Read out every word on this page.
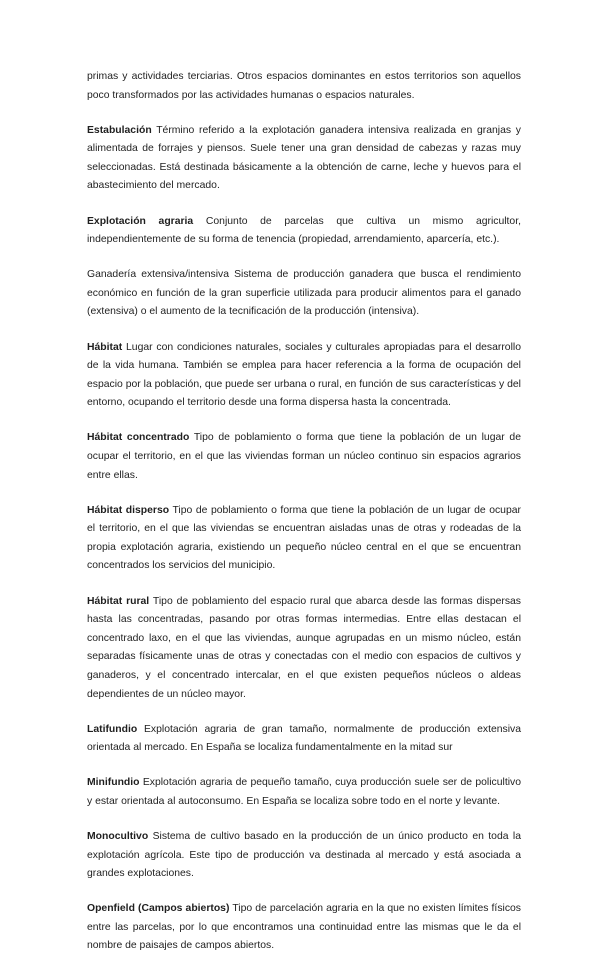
primas y actividades terciarias. Otros espacios dominantes en estos territorios son aquellos poco transformados por las actividades humanas o espacios naturales.

Estabulación Término referido a la explotación ganadera intensiva realizada en granjas y alimentada de forrajes y piensos. Suele tener una gran densidad de cabezas y razas muy seleccionadas. Está destinada básicamente a la obtención de carne, leche y huevos para el abastecimiento del mercado.

Explotación agraria Conjunto de parcelas que cultiva un mismo agricultor, independientemente de su forma de tenencia (propiedad, arrendamiento, aparcería, etc.).

Ganadería extensiva/intensiva Sistema de producción ganadera que busca el rendimiento económico en función de la gran superficie utilizada para producir alimentos para el ganado (extensiva) o el aumento de la tecnificación de la producción (intensiva).

Hábitat Lugar con condiciones naturales, sociales y culturales apropiadas para el desarrollo de la vida humana. También se emplea para hacer referencia a la forma de ocupación del espacio por la población, que puede ser urbana o rural, en función de sus características y del entorno, ocupando el territorio desde una forma dispersa hasta la concentrada.

Hábitat concentrado Tipo de poblamiento o forma que tiene la población de un lugar de ocupar el territorio, en el que las viviendas forman un núcleo continuo sin espacios agrarios entre ellas.

Hábitat disperso Tipo de poblamiento o forma que tiene la población de un lugar de ocupar el territorio, en el que las viviendas se encuentran aisladas unas de otras y rodeadas de la propia explotación agraria, existiendo un pequeño núcleo central en el que se encuentran concentrados los servicios del municipio.

Hábitat rural Tipo de poblamiento del espacio rural que abarca desde las formas dispersas hasta las concentradas, pasando por otras formas intermedias. Entre ellas destacan el concentrado laxo, en el que las viviendas, aunque agrupadas en un mismo núcleo, están separadas físicamente unas de otras y conectadas con el medio con espacios de cultivos y ganaderos, y el concentrado intercalar, en el que existen pequeños núcleos o aldeas dependientes de un núcleo mayor.

Latifundio Explotación agraria de gran tamaño, normalmente de producción extensiva orientada al mercado. En España se localiza fundamentalmente en la mitad sur

Minifundio Explotación agraria de pequeño tamaño, cuya producción suele ser de policultivo y estar orientada al autoconsumo. En España se localiza sobre todo en el norte y levante.

Monocultivo Sistema de cultivo basado en la producción de un único producto en toda la explotación agrícola. Este tipo de producción va destinada al mercado y está asociada a grandes explotaciones.

Openfield (Campos abiertos) Tipo de parcelación agraria en la que no existen límites físicos entre las parcelas, por lo que encontramos una continuidad entre las mismas que le da el nombre de paisajes de campos abiertos.
